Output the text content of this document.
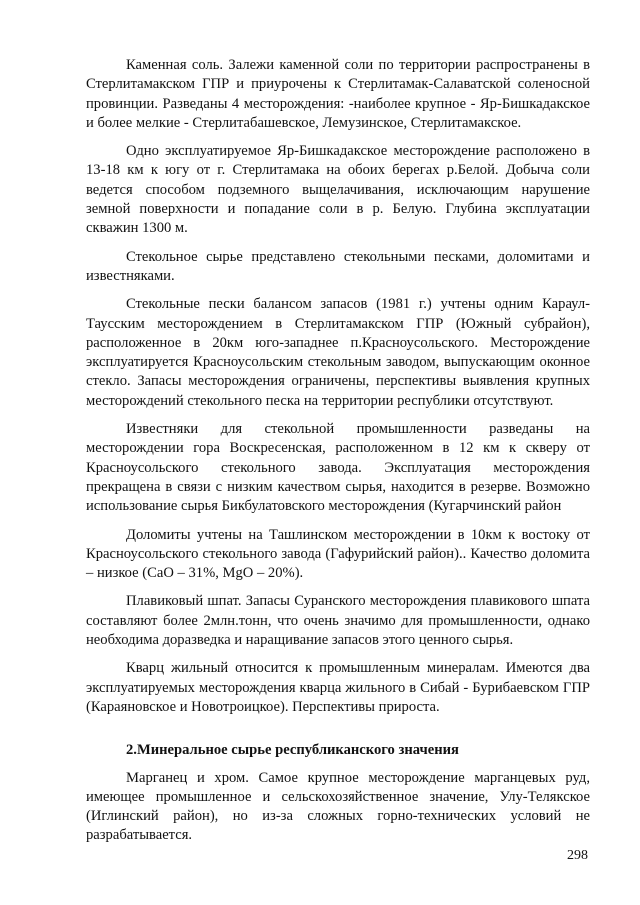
Каменная соль. Залежи каменной соли по территории распространены в Стерлитамакском ГПР и приурочены к Стерлитамак-Салаватской соленосной провинции. Разведаны 4 месторождения: -наиболее крупное - Яр-Бишкадакское и более мелкие - Стерлитабашевское, Лемузинское, Стерлитамакское.

Одно эксплуатируемое Яр-Бишкадакское месторождение расположено в 13-18 км к югу от г. Стерлитамака на обоих берегах р.Белой. Добыча соли ведется способом подземного выщелачивания, исключающим нарушение земной поверхности и попадание соли в р. Белую. Глубина эксплуатации скважин 1300 м.

Стекольное сырье представлено стекольными песками, доломитами и известняками.

Стекольные пески балансом запасов (1981 г.) учтены одним Караул-Таусским месторождением в Стерлитамакском ГПР (Южный субрайон), расположенное в 20км юго-западнее п.Красноусольского. Месторождение эксплуатируется Красноусольским стекольным заводом, выпускающим оконное стекло. Запасы месторождения ограничены, перспективы выявления крупных месторождений стекольного песка на территории республики отсутствуют.

Известняки для стекольной промышленности разведаны на месторождении гора Воскресенская, расположенном в 12 км к скверу от Красноусольского стекольного завода. Эксплуатация месторождения прекращена в связи с низким качеством сырья, находится в резерве. Возможно использование сырья Бикбулатовского месторождения (Кугарчинский район

Доломиты учтены на Ташлинском месторождении в 10км к востоку от Красноусольского стекольного завода (Гафурийский район).. Качество доломита – низкое (CaO – 31%, MgO – 20%).

Плавиковый шпат. Запасы Суранского месторождения плавикового шпата составляют более 2млн.тонн, что очень значимо для промышленности, однако необходима доразведка и наращивание запасов этого ценного сырья.

Кварц жильный относится к промышленным минералам. Имеются два эксплуатируемых месторождения кварца жильного в Сибай - Бурибаевском ГПР (Караяновское и Новотроицкое). Перспективы прироста.

2.Минеральное сырье республиканского значения

Марганец и хром. Самое крупное месторождение марганцевых руд, имеющее промышленное и сельскохозяйственное значение, Улу-Телякское (Иглинский район), но из-за сложных горно-технических условий не разрабатывается.

298
